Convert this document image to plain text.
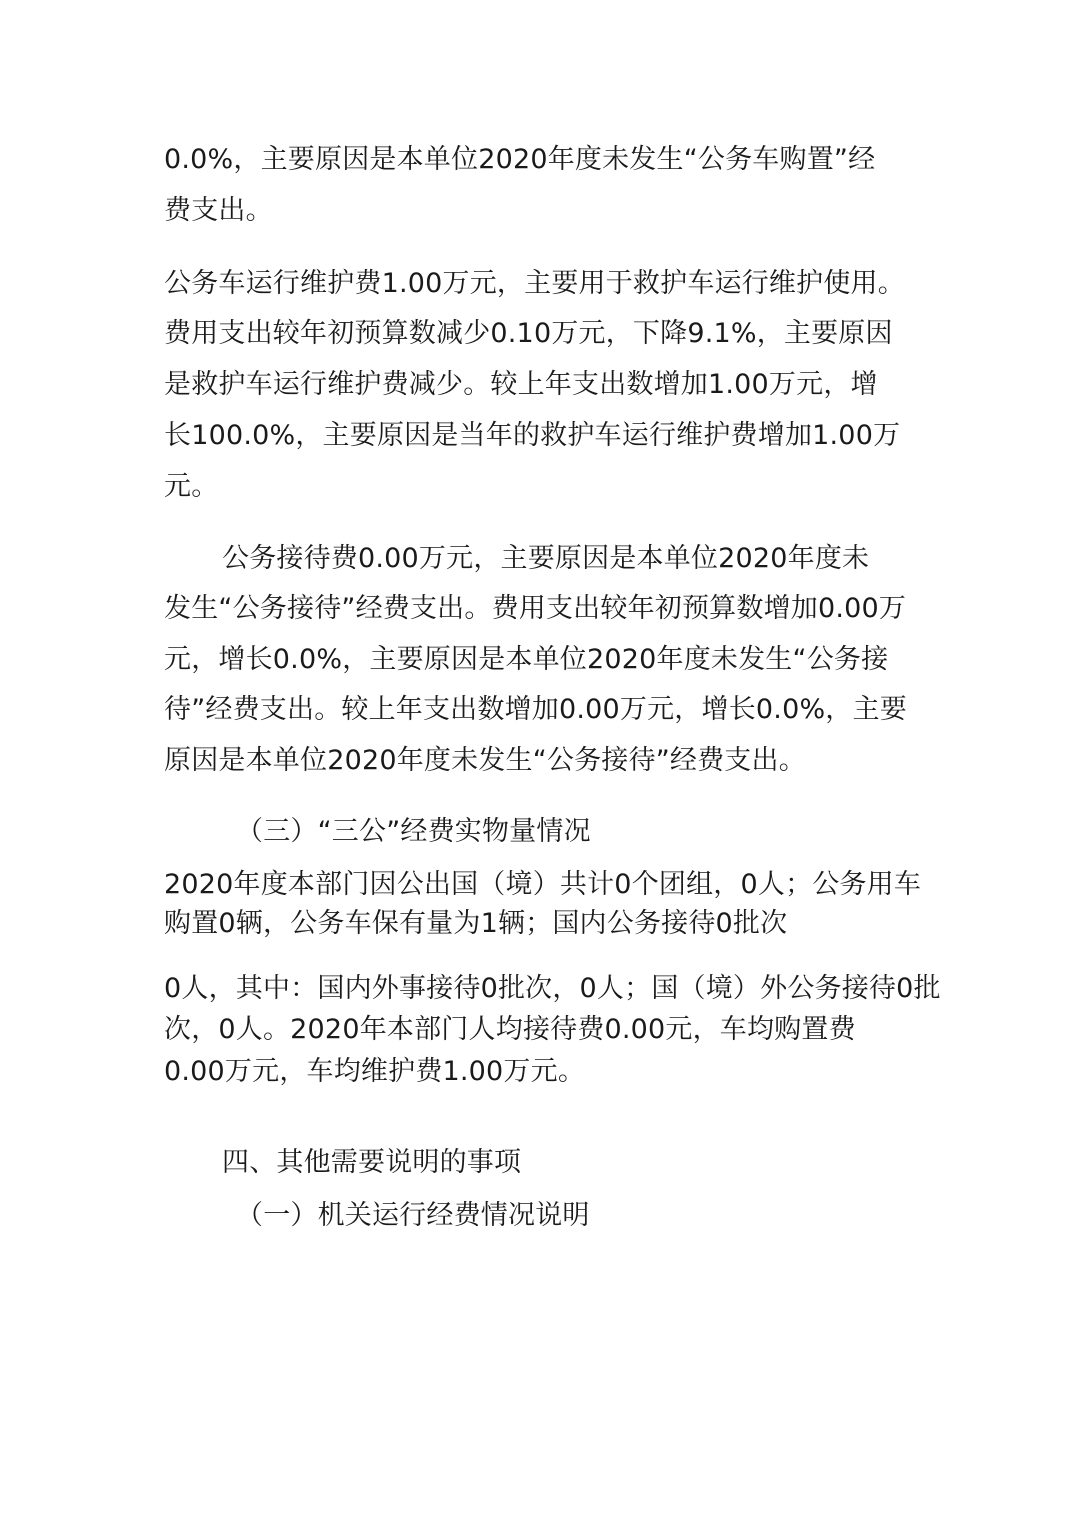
0.0%，主要原因是本单位2020年度未发生“公务车购置”经
费支出。
公务车运行维护费1.00万元，主要用于救护车运行维护使用。
费用支出较年初预算数减少0.10万元，下降9.1%，主要原因
是救护车运行维护费减少。较上年支出数增加1.00万元，增
长100.0%，主要原因是当年的救护车运行维护费增加1.00万
元。
公务接待费0.00万元，主要原因是本单位2020年度未
发生“公务接待”经费支出。费用支出较年初预算数增加0.00万
元，增长0.0%，主要原因是本单位2020年度未发生“公务接
待”经费支出。较上年支出数增加0.00万元，增长0.0%，主要
原因是本单位2020年度未发生“公务接待”经费支出。
（三）“三公”经费实物量情况
2020年度本部门因公出国（境）共计0个团组，0人；公务用车
购置0辆，公务车保有量为1辆；国内公务接待0批次
0人，其中：国内外事接待0批次，0人；国（境）外公务接待0批
次，0人。2020年本部门人均接待费0.00元，车均购置费
0.00万元，车均维护费1.00万元。
四、其他需要说明的事项
（一）机关运行经费情况说明
